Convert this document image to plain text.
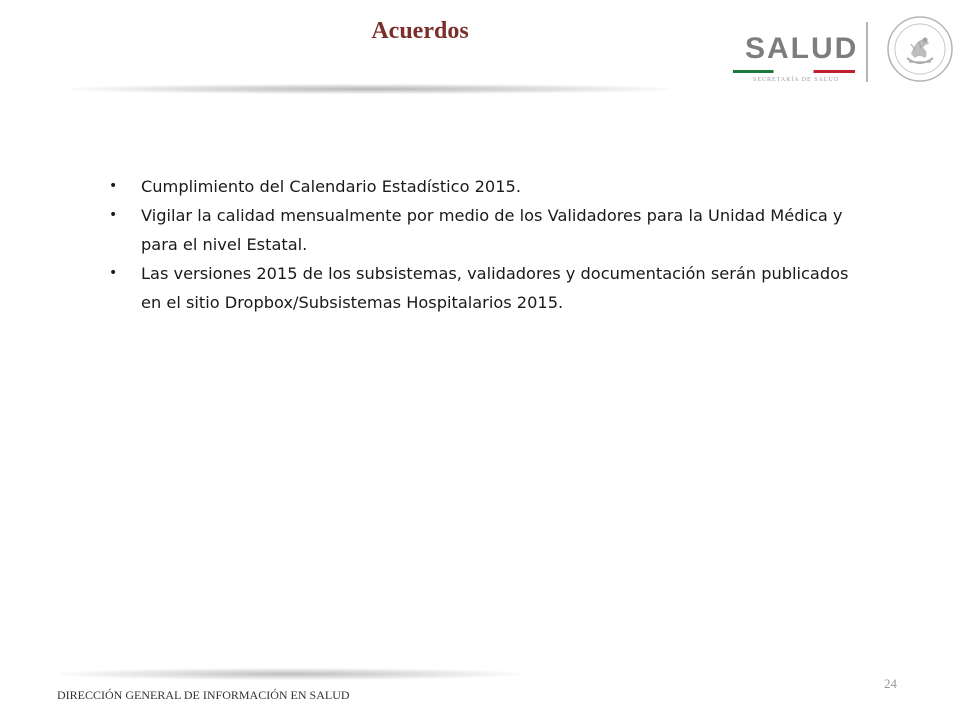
Acuerdos
SALUD
SECRETARÍA DE SALUD
• Cumplimiento del Calendario Estadístico 2015.
• Vigilar la calidad mensualmente por medio de los Validadores para la Unidad Médica y para el nivel Estatal.
• Las versiones 2015 de los subsistemas, validadores y documentación serán publicados en el sitio Dropbox/Subsistemas Hospitalarios 2015.
DIRECCIÓN GENERAL DE INFORMACIÓN EN SALUD
24
